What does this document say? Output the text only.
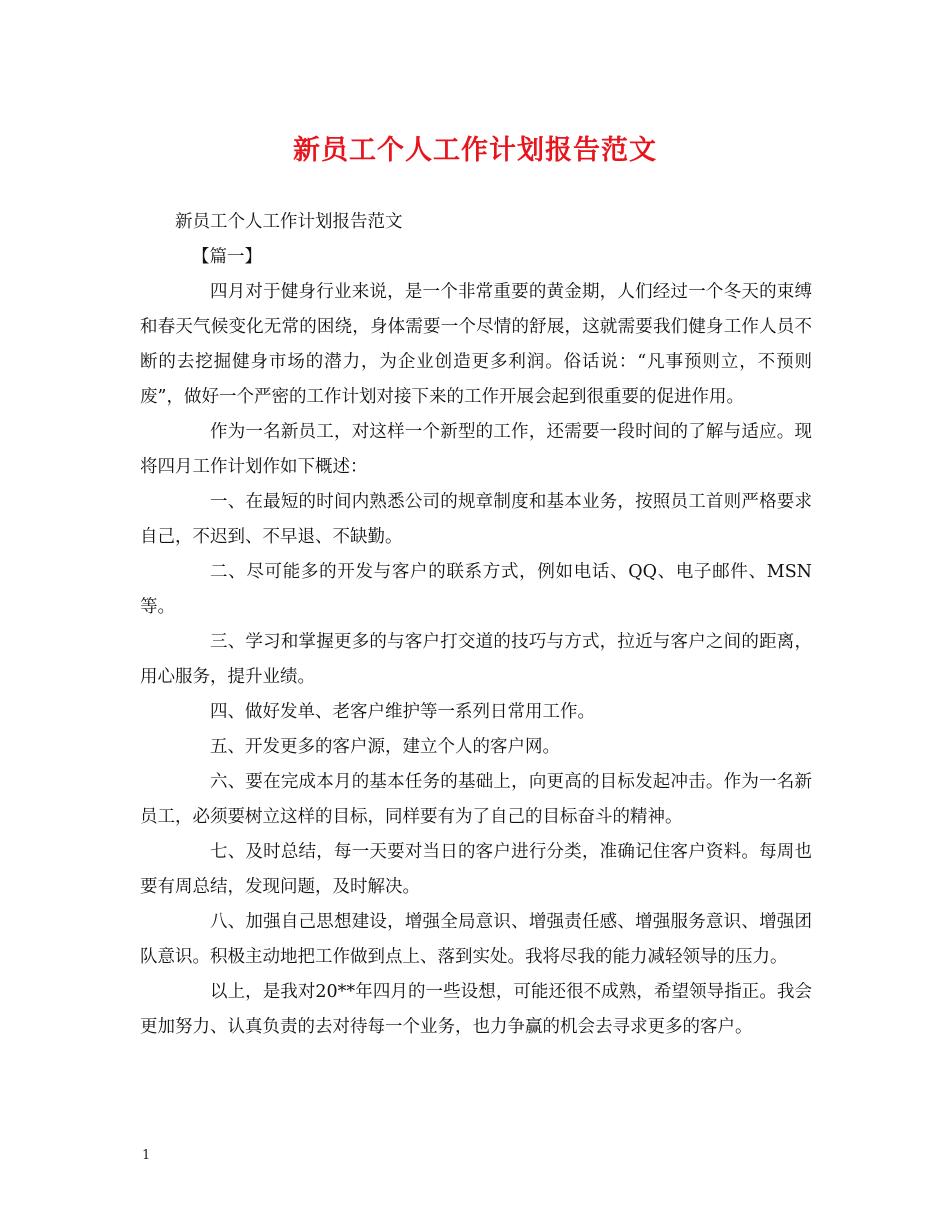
新员工个人工作计划报告范文

新员工个人工作计划报告范文

【篇一】

四月对于健身行业来说，是一个非常重要的黄金期，人们经过一个冬天的束缚和春天气候变化无常的困绕，身体需要一个尽情的舒展，这就需要我们健身工作人员不断的去挖掘健身市场的潜力，为企业创造更多利润。俗话说：“凡事预则立，不预则废”，做好一个严密的工作计划对接下来的工作开展会起到很重要的促进作用。

作为一名新员工，对这样一个新型的工作，还需要一段时间的了解与适应。现将四月工作计划作如下概述：

一、在最短的时间内熟悉公司的规章制度和基本业务，按照员工首则严格要求自己，不迟到、不早退、不缺勤。

二、尽可能多的开发与客户的联系方式，例如电话、QQ、电子邮件、MSN等。

三、学习和掌握更多的与客户打交道的技巧与方式，拉近与客户之间的距离，用心服务，提升业绩。

四、做好发单、老客户维护等一系列日常用工作。

五、开发更多的客户源，建立个人的客户网。

六、要在完成本月的基本任务的基础上，向更高的目标发起冲击。作为一名新员工，必须要树立这样的目标，同样要有为了自己的目标奋斗的精神。

七、及时总结，每一天要对当日的客户进行分类，准确记住客户资料。每周也要有周总结，发现问题，及时解决。

八、加强自己思想建设，增强全局意识、增强责任感、增强服务意识、增强团队意识。积极主动地把工作做到点上、落到实处。我将尽我的能力减轻领导的压力。

以上，是我对20**年四月的一些设想，可能还很不成熟，希望领导指正。我会更加努力、认真负责的去对待每一个业务，也力争赢的机会去寻求更多的客户。

1
